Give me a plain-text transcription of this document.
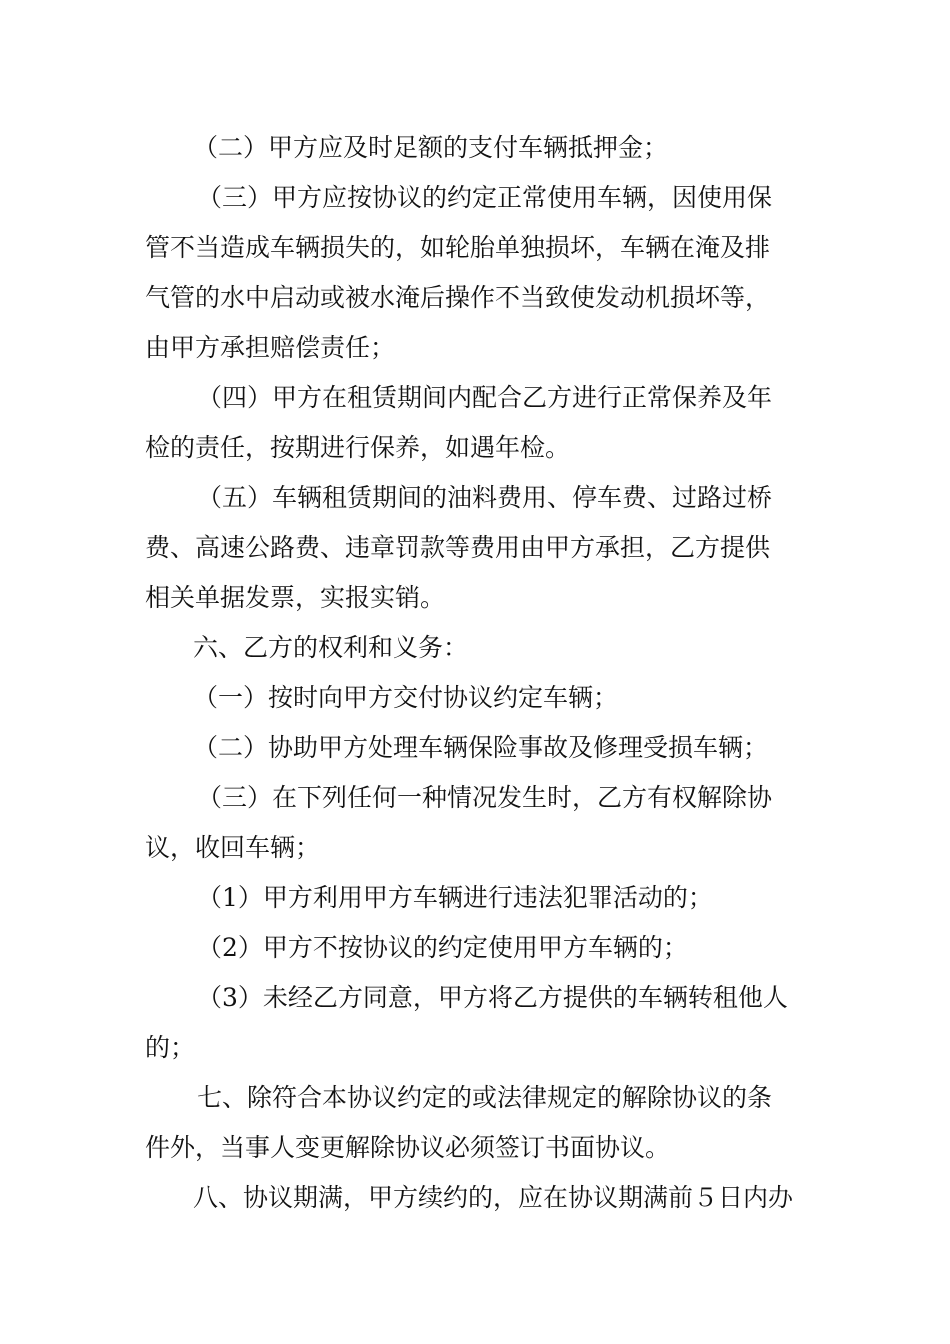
（二）甲方应及时足额的支付车辆抵押金；
（三）甲方应按协议的约定正常使用车辆，因使用保
管不当造成车辆损失的，如轮胎单独损坏，车辆在淹及排
气管的水中启动或被水淹后操作不当致使发动机损坏等，
由甲方承担赔偿责任；
（四）甲方在租赁期间内配合乙方进行正常保养及年
检的责任，按期进行保养，如遇年检。
（五）车辆租赁期间的油料费用、停车费、过路过桥
费、高速公路费、违章罚款等费用由甲方承担，乙方提供
相关单据发票，实报实销。
六、乙方的权利和义务：
（一）按时向甲方交付协议约定车辆；
（二）协助甲方处理车辆保险事故及修理受损车辆；
（三）在下列任何一种情况发生时，乙方有权解除协
议，收回车辆；
（1）甲方利用甲方车辆进行违法犯罪活动的；
（2）甲方不按协议的约定使用甲方车辆的；
（3）未经乙方同意，甲方将乙方提供的车辆转租他人
的；
七、除符合本协议约定的或法律规定的解除协议的条
件外，当事人变更解除协议必须签订书面协议。
八、协议期满，甲方续约的，应在协议期满前５日内办
